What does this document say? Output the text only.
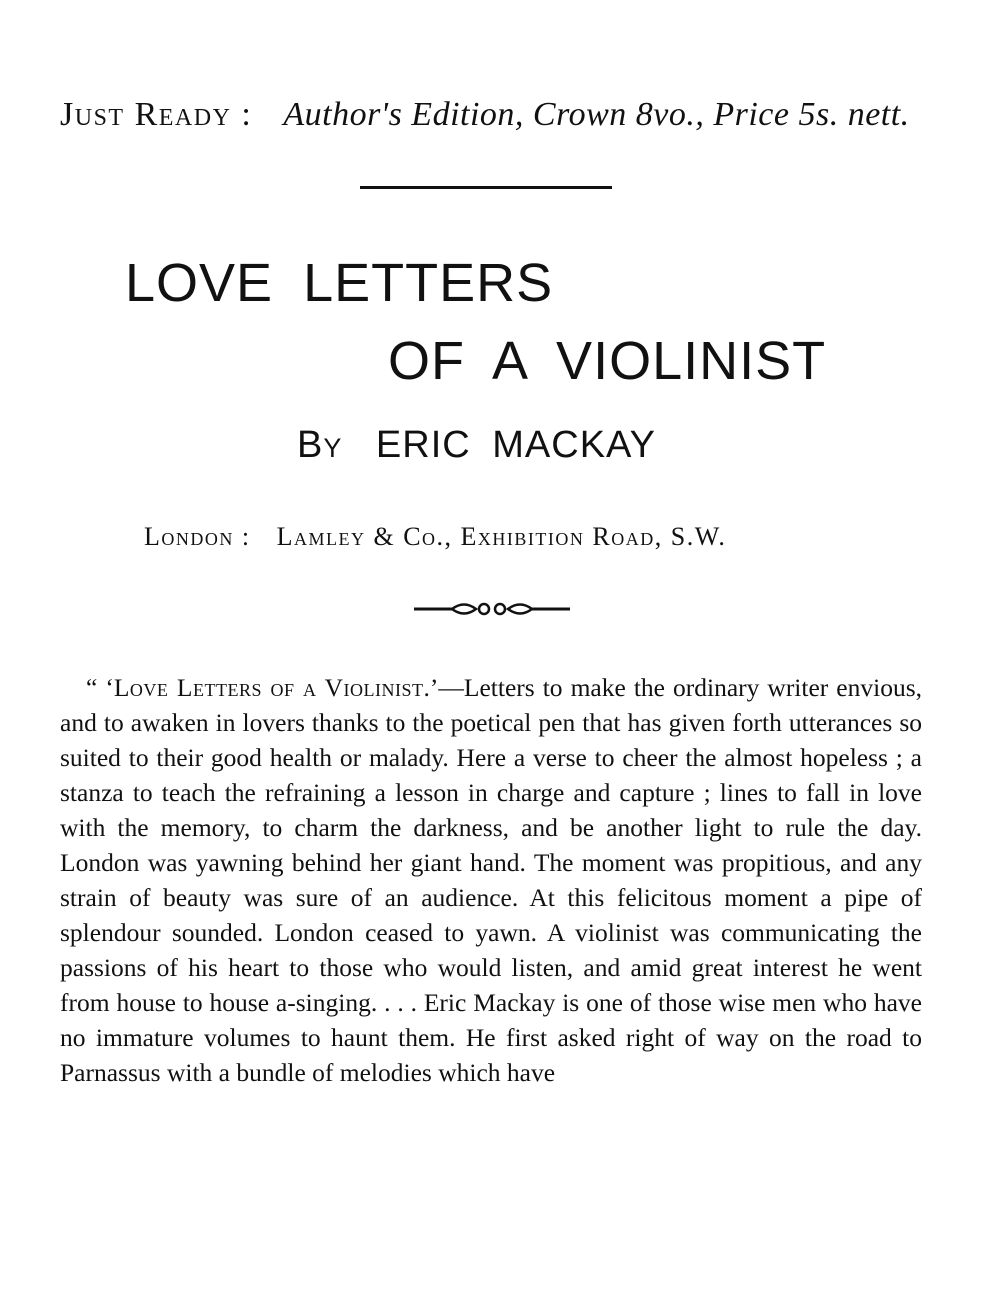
Just Ready : Author's Edition, Crown 8vo., Price 5s. nett.
LOVE LETTERS
OF A VIOLINIST
By ERIC MACKAY
London : Lamley & Co., Exhibition Road, S.W.

“ ‘Love Letters of a Violinist.’—Letters to make the ordinary writer envious, and to awaken in lovers thanks to the poetical pen that has given forth utterances so suited to their good health or malady. Here a verse to cheer the almost hopeless ; a stanza to teach the refraining a lesson in charge and capture ; lines to fall in love with the memory, to charm the darkness, and be another light to rule the day. London was yawning behind her giant hand. The moment was propitious, and any strain of beauty was sure of an audience. At this felicitous moment a pipe of splendour sounded. London ceased to yawn. A violinist was communicating the passions of his heart to those who would listen, and amid great interest he went from house to house a-singing. . . . Eric Mackay is one of those wise men who have no immature volumes to haunt them. He first asked right of way on the road to Parnassus with a bundle of melodies which have
